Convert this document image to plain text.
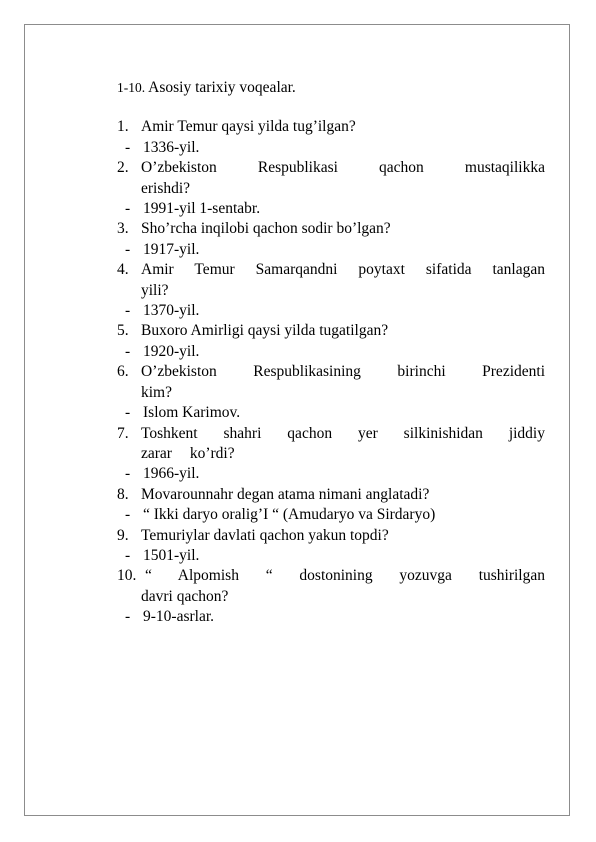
1-10. Asosiy tarixiy voqealar.
1. Amir Temur qaysi yilda tug’ilgan?
- 1336-yil.
2. O’zbekiston Respublikasi qachon mustaqilikka
erishdi?
- 1991-yil 1-sentabr.
3. Sho’rcha inqilobi qachon sodir bo’lgan?
- 1917-yil.
4. Amir Temur Samarqandni poytaxt sifatida tanlagan
yili?
- 1370-yil.
5. Buxoro Amirligi qaysi yilda tugatilgan?
- 1920-yil.
6. O’zbekiston Respublikasining birinchi Prezidenti
kim?
- Islom Karimov.
7. Toshkent shahri qachon yer silkinishidan jiddiy
zarar ko’rdi?
- 1966-yil.
8. Movarounnahr degan atama nimani anglatadi?
- “ Ikki daryo oralig’I “ (Amudaryo va Sirdaryo)
9. Temuriylar davlati qachon yakun topdi?
- 1501-yil.
10. “ Alpomish “ dostonining yozuvga tushirilgan
davri qachon?
- 9-10-asrlar.
